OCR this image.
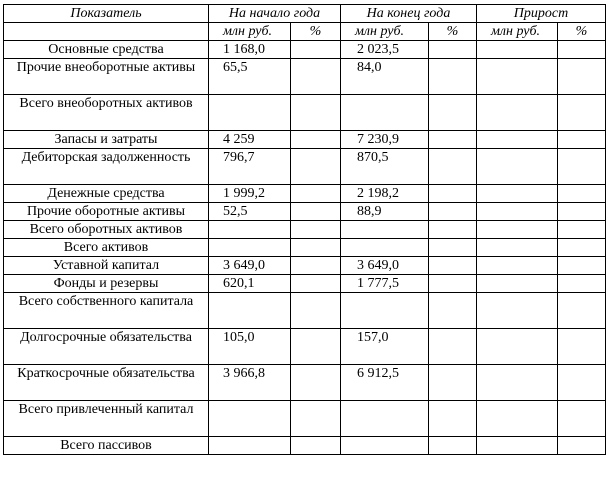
Показатель	На начало года		На конец года		Прирост	
	млн руб.	%	млн руб.	%	млн руб.	%
Основные средства	1 168,0		2 023,5			
Прочие внеоборотные активы	65,5		84,0			
Всего внеоборотных активов						
Запасы и затраты	4 259		7 230,9			
Дебиторская задолженность	796,7		870,5			
Денежные средства	1 999,2		2 198,2			
Прочие оборотные активы	52,5		88,9			
Всего оборотных активов						
Всего активов						
Уставной капитал	3 649,0		3 649,0			
Фонды и резервы	620,1		1 777,5			
Всего собственного капитала						
Долгосрочные обязательства	105,0		157,0			
Краткосрочные обязательства	3 966,8		6 912,5			
Всего привлеченный капитал						
Всего пассивов						
